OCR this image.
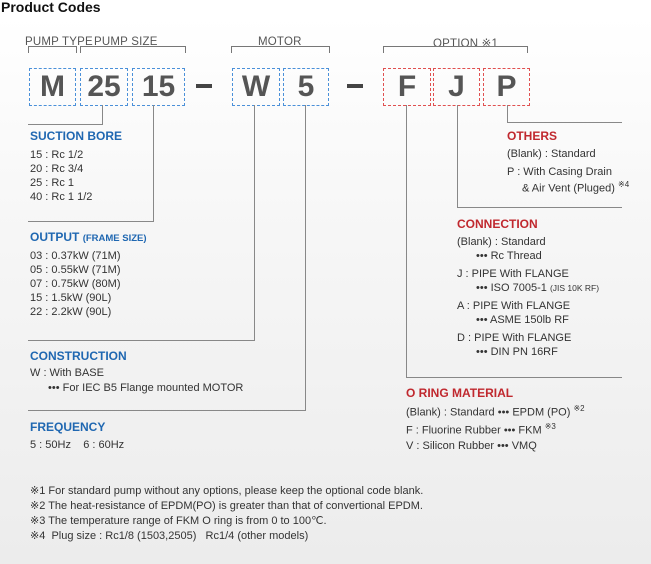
Product Codes
PUMP TYPE PUMP SIZE	MOTOR	OPTION ※1
M 25 15	W 5	F	J	P
SUCTION BORE
15 : Rc 1/2
20 : Rc 3/4
25 : Rc 1
40 : Rc 1 1/2
OUTPUT (FRAME SIZE)
03 : 0.37kW (71M)
05 : 0.55kW (71M)
07 : 0.75kW (80M)
15 : 1.5kW (90L)
22 : 2.2kW (90L)
CONSTRUCTION
W : With BASE
••• For IEC B5 Flange mounted MOTOR
FREQUENCY
5 : 50Hz    6 : 60Hz
OTHERS
(Blank) : Standard
P : With Casing Drain
& Air Vent (Pluged) $^{※4}$
CONNECTION
(Blank) : Standard
••• Rc Thread
J : PIPE With FLANGE
••• ISO 7005-1 (JIS 10K RF)
A : PIPE With FLANGE
••• ASME 150lb RF
D : PIPE With FLANGE
••• DIN PN 16RF
O RING MATERIAL
(Blank) : Standard ••• EPDM (PO) $^{※2}$
F : Fluorine Rubber ••• FKM $^{※3}$
V : Silicon Rubber ••• VMQ
※1 For standard pump without any options, please keep the optional code blank.
※2 The heat-resistance of EPDM(PO) is greater than that of convertional EPDM.
※3 The temperature range of FKM O ring is from 0 to 100℃.
※4  Plug size : Rc1/8 (1503,2505)   Rc1/4 (other models)
